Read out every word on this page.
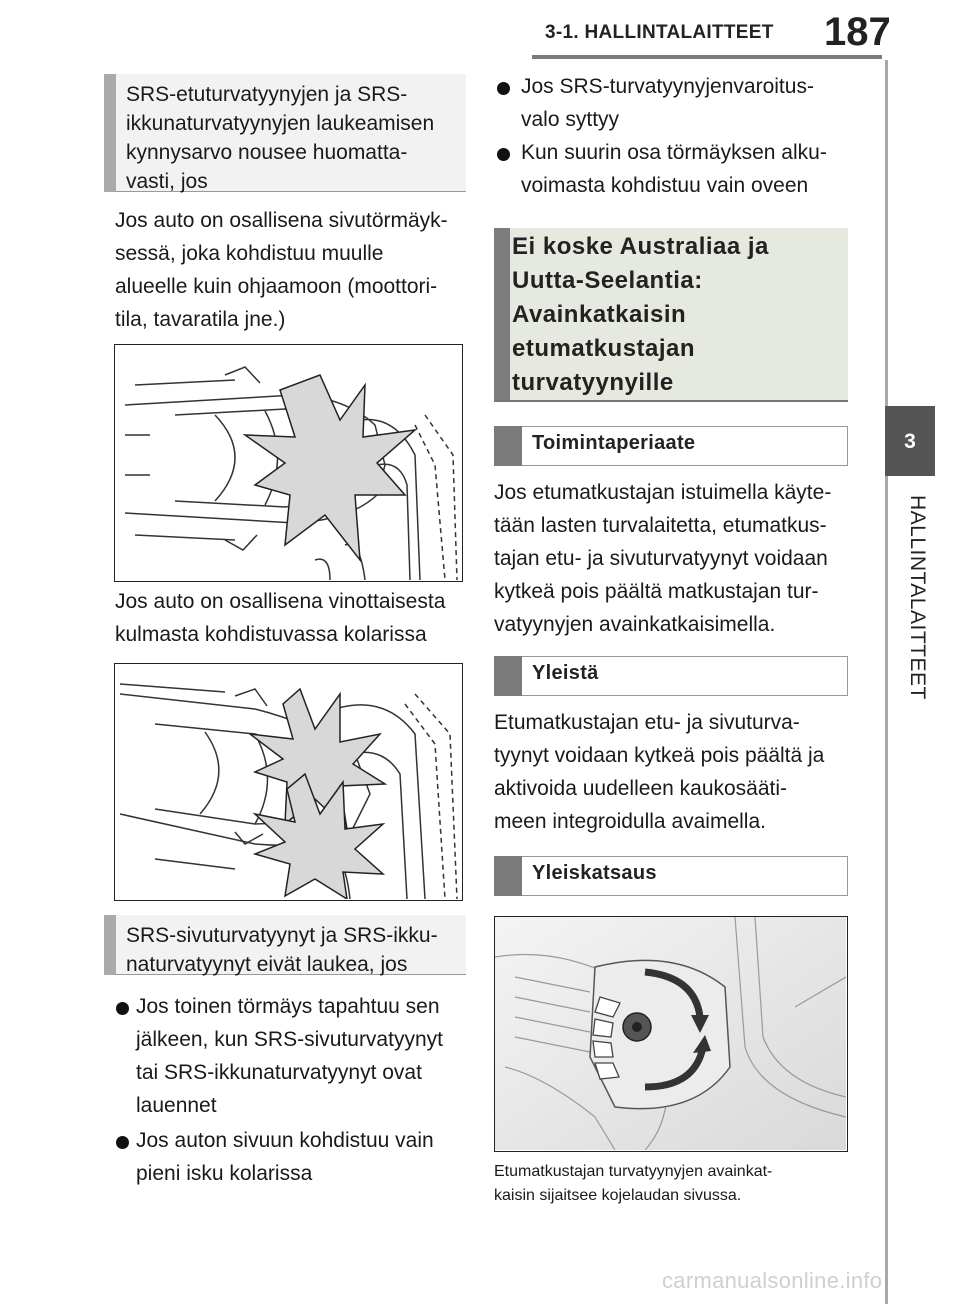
3-1. HALLINTALAITTEET 187
3
HALLINTALAITTEET
SRS-etuturvatyynyjen ja SRS-
ikkunaturvatyynyjen laukeamisen
kynnysarvo nousee huomatta-
vasti, jos
Jos auto on osallisena sivutörmäyk-
sessä, joka kohdistuu muulle
alueelle kuin ohjaamoon (moottori-
tila, tavaratila jne.)
Jos auto on osallisena vinottaisesta
kulmasta kohdistuvassa kolarissa
SRS-sivuturvatyynyt ja SRS-ikku-
naturvatyynyt eivät laukea, jos
Jos toinen törmäys tapahtuu sen
jälkeen, kun SRS-sivuturvatyynyt
tai SRS-ikkunaturvatyynyt ovat
lauennet
Jos auton sivuun kohdistuu vain
pieni isku kolarissa
Jos SRS-turvatyynyjenvaroitus-
valo syttyy
Kun suurin osa törmäyksen alku-
voimasta kohdistuu vain oveen
Ei koske Australiaa ja
Uutta-Seelantia:
Avainkatkaisin
etumatkustajan
turvatyynyille
Toimintaperiaate
Jos etumatkustajan istuimella käyte-
tään lasten turvalaitetta, etumatkus-
tajan etu- ja sivuturvatyynyt voidaan
kytkeä pois päältä matkustajan tur-
vatyynyjen avainkatkaisimella.
Yleistä
Etumatkustajan etu- ja sivuturva-
tyynyt voidaan kytkeä pois päältä ja
aktivoida uudelleen kaukosääti-
meen integroidulla avaimella.
Yleiskatsaus
Etumatkustajan turvatyynyjen avainkat-
kaisin sijaitsee kojelaudan sivussa.
carmanualsonline.info
